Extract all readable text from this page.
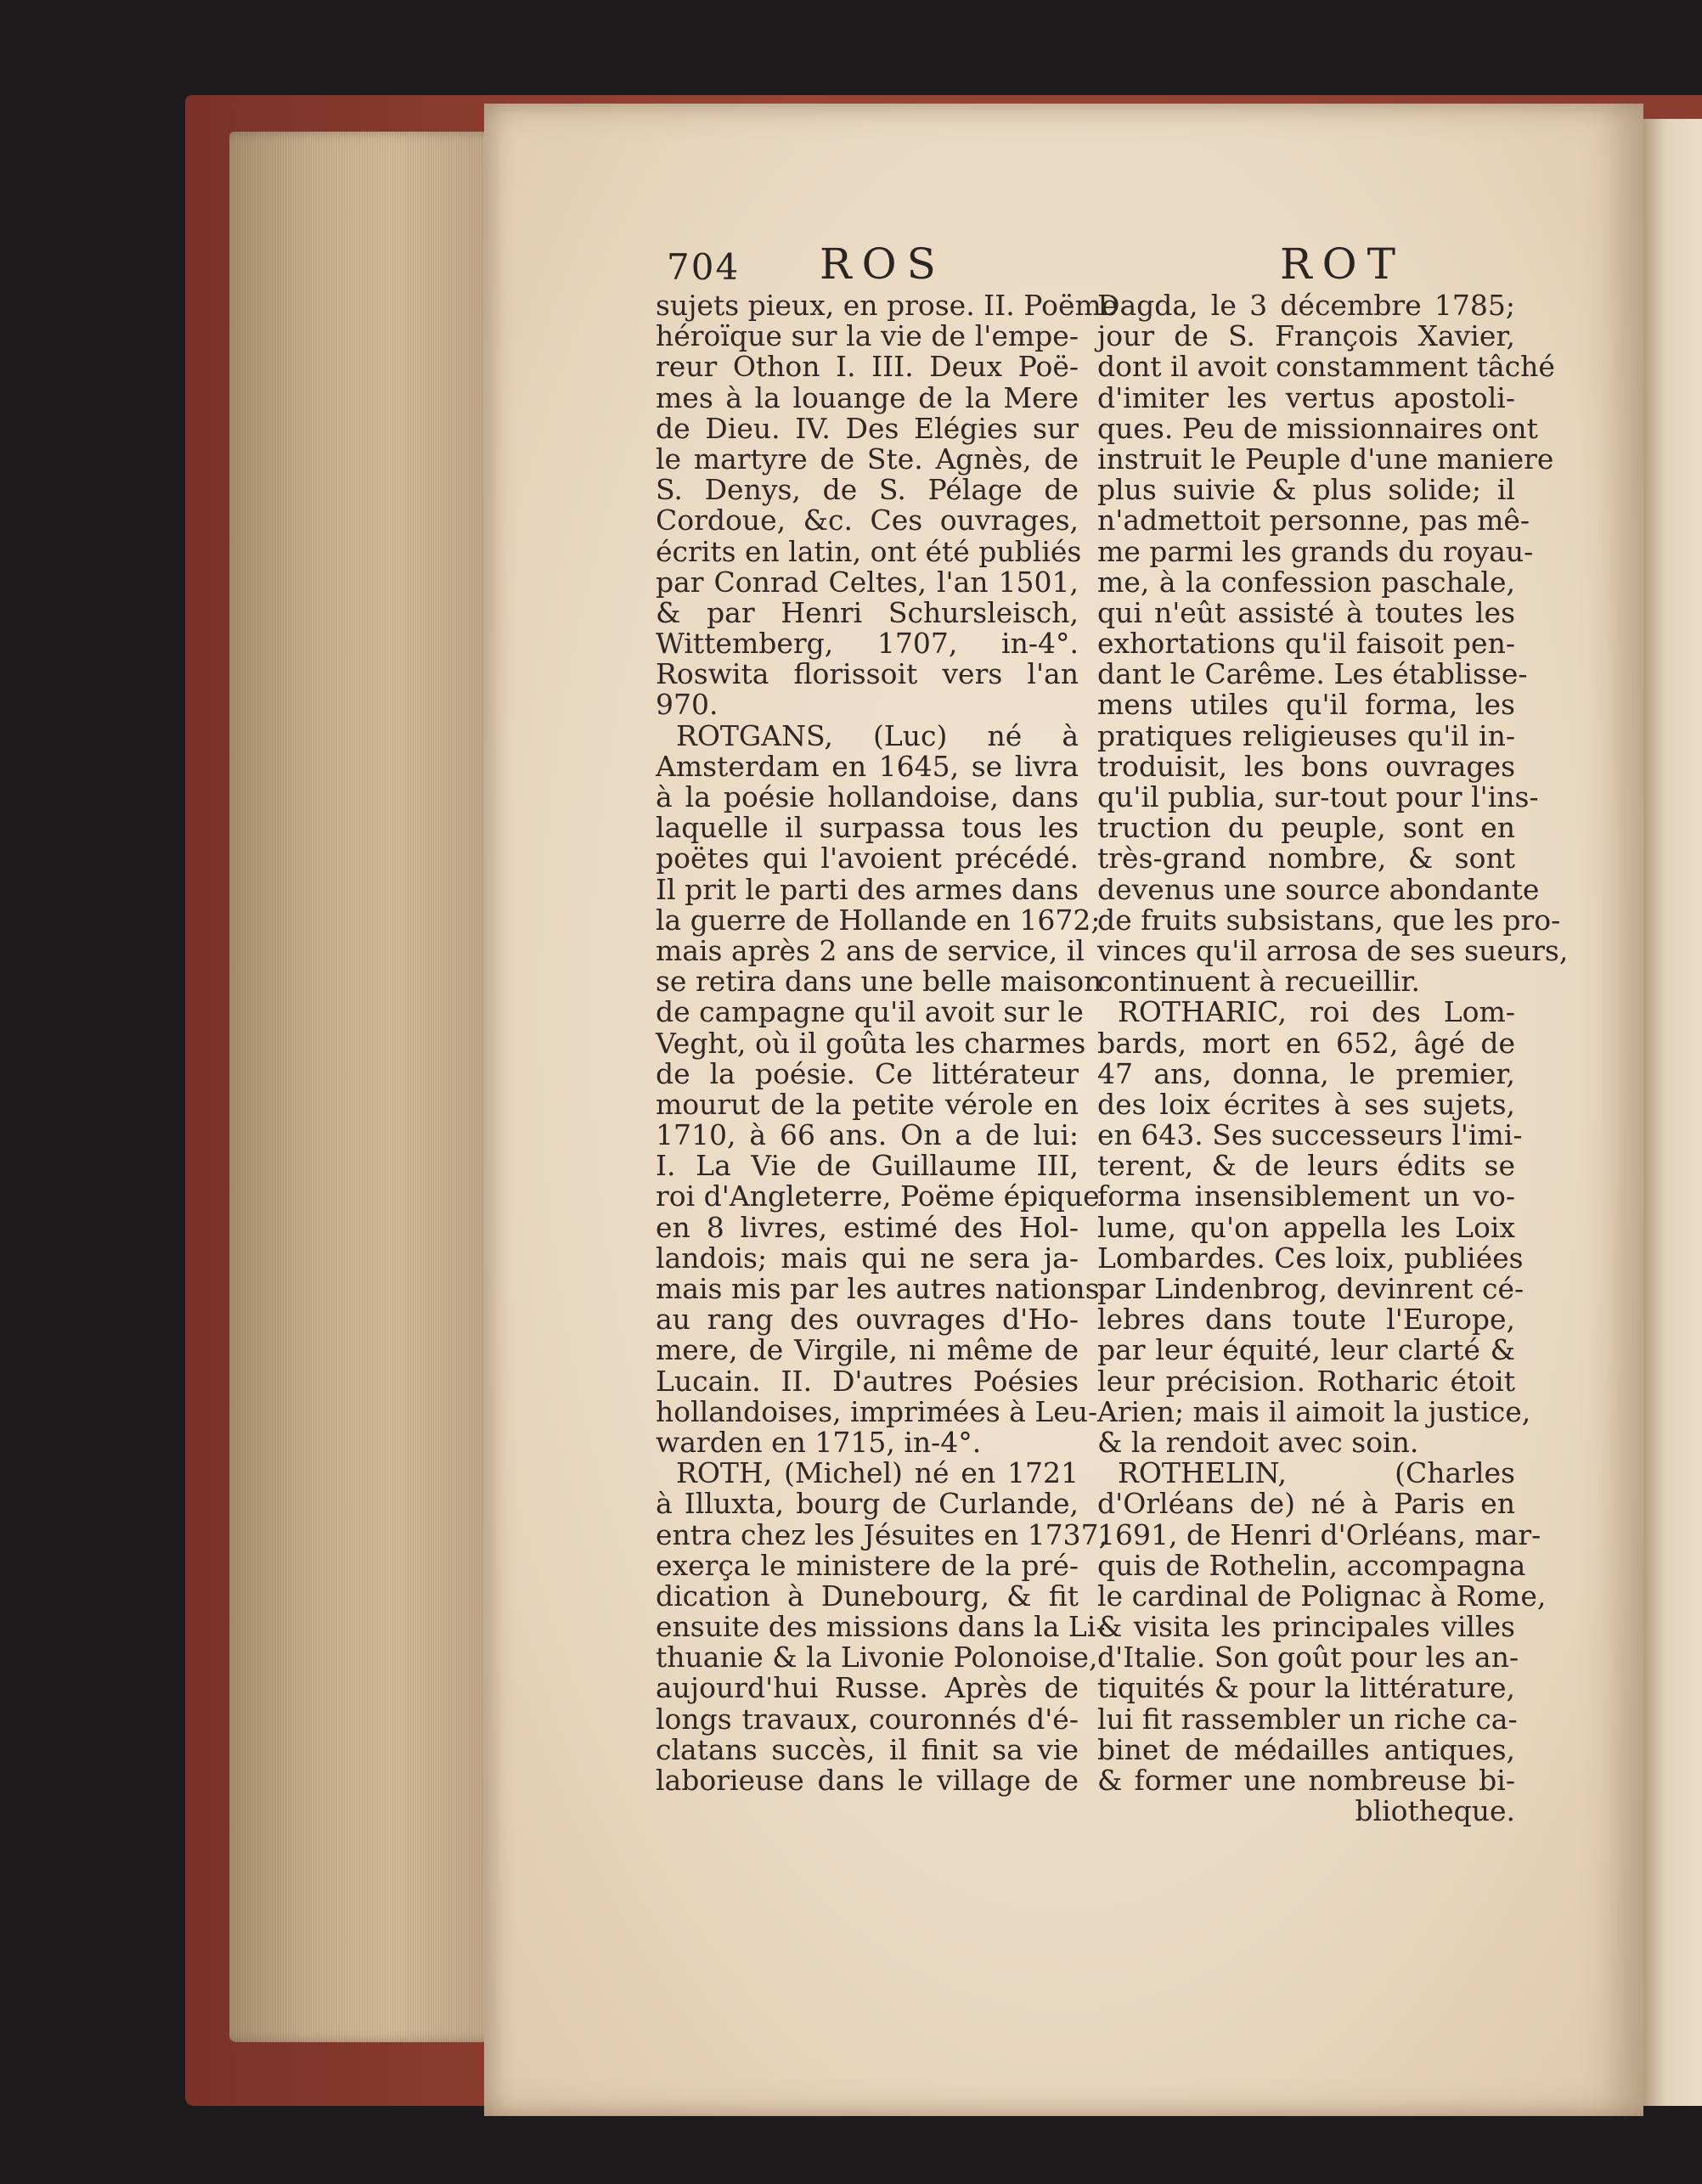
704 ROS	ROT
sujets pieux, en prose. II. Poëme
héroïque sur la vie de l'empe-
reur Othon I. III. Deux Poë-
mes à la louange de la Mere
de Dieu. IV. Des Elégies sur
le martyre de Ste. Agnès, de
S. Denys, de S. Pélage de
Cordoue, &c. Ces ouvrages,
écrits en latin, ont été publiés
par Conrad Celtes, l'an 1501,
& par Henri Schursleisch,
Wittemberg, 1707, in-4°.
Roswita florissoit vers l'an
970.
ROTGANS, (Luc) né à
Amsterdam en 1645, se livra
à la poésie hollandoise, dans
laquelle il surpassa tous les
poëtes qui l'avoient précédé.
Il prit le parti des armes dans
la guerre de Hollande en 1672;
mais après 2 ans de service, il
se retira dans une belle maison
de campagne qu'il avoit sur le
Veght, où il goûta les charmes
de la poésie. Ce littérateur
mourut de la petite vérole en
1710, à 66 ans. On a de lui:
I. La Vie de Guillaume III,
roi d'Angleterre, Poëme épique
en 8 livres, estimé des Hol-
landois; mais qui ne sera ja-
mais mis par les autres nations
au rang des ouvrages d'Ho-
mere, de Virgile, ni même de
Lucain. II. D'autres Poésies
hollandoises, imprimées à Leu-
warden en 1715, in-4°.
ROTH, (Michel) né en 1721
à Illuxta, bourg de Curlande,
entra chez les Jésuites en 1737,
exerça le ministere de la pré-
dication à Dunebourg, & fit
ensuite des missions dans la Li-
thuanie & la Livonie Polonoise,
aujourd'hui Russe. Après de
longs travaux, couronnés d'é-
clatans succès, il finit sa vie
laborieuse dans le village de
Dagda, le 3 décembre 1785;
jour de S. François Xavier,
dont il avoit constamment tâché
d'imiter les vertus apostoli-
ques. Peu de missionnaires ont
instruit le Peuple d'une maniere
plus suivie & plus solide; il
n'admettoit personne, pas mê-
me parmi les grands du royau-
me, à la confession paschale,
qui n'eût assisté à toutes les
exhortations qu'il faisoit pen-
dant le Carême. Les établisse-
mens utiles qu'il forma, les
pratiques religieuses qu'il in-
troduisit, les bons ouvrages
qu'il publia, sur-tout pour l'ins-
truction du peuple, sont en
très-grand nombre, & sont
devenus une source abondante
de fruits subsistans, que les pro-
vinces qu'il arrosa de ses sueurs,
continuent à recueillir.
ROTHARIC, roi des Lom-
bards, mort en 652, âgé de
47 ans, donna, le premier,
des loix écrites à ses sujets,
en 643. Ses successeurs l'imi-
terent, & de leurs édits se
forma insensiblement un vo-
lume, qu'on appella les Loix
Lombardes. Ces loix, publiées
par Lindenbrog, devinrent cé-
lebres dans toute l'Europe,
par leur équité, leur clarté &
leur précision. Rotharic étoit
Arien; mais il aimoit la justice,
& la rendoit avec soin.
ROTHELIN, (Charles
d'Orléans de) né à Paris en
1691, de Henri d'Orléans, mar-
quis de Rothelin, accompagna
le cardinal de Polignac à Rome,
& visita les principales villes
d'Italie. Son goût pour les an-
tiquités & pour la littérature,
lui fit rassembler un riche ca-
binet de médailles antiques,
& former une nombreuse bi-
bliotheque.
